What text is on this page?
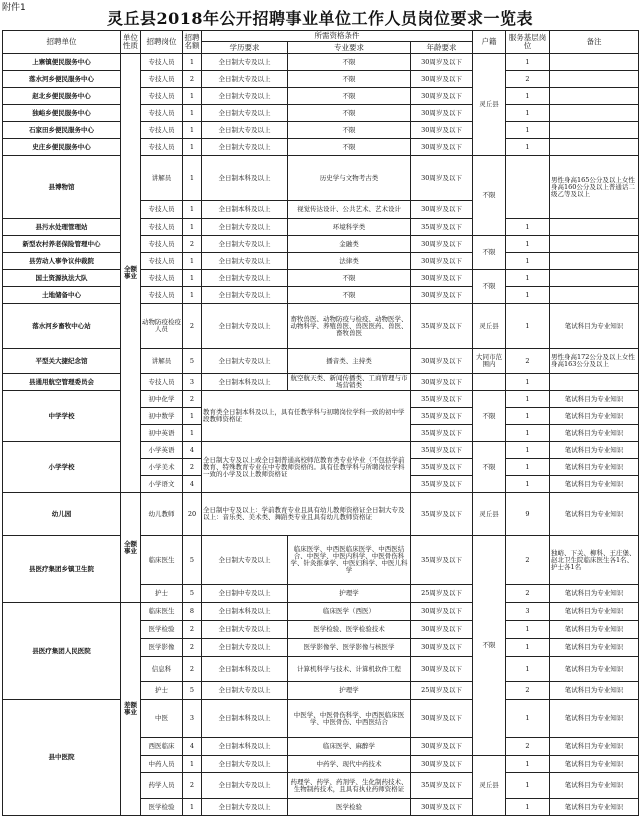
附件1
灵丘县2018年公开招聘事业单位工作人员岗位要求一览表
招聘单位	单位性质	招聘岗位	招聘名额	所需资格条件			户籍	服务基层岗位	备注
				学历要求	专业要求	年龄要求			
上寨镇便民服务中心	全额事业	专技人员	1	全日制大专及以上	不限	30周岁及以下	灵丘县	1	
落水河乡便民服务中心		专技人员	2	全日制大专及以上	不限	30周岁及以下		2	
赵北乡便民服务中心		专技人员	1	全日制大专及以上	不限	30周岁及以下		1	
独峪乡便民服务中心		专技人员	1	全日制大专及以上	不限	30周岁及以下		1	
石家田乡便民服务中心		专技人员	1	全日制大专及以上	不限	30周岁及以下		1	
史庄乡便民服务中心		专技人员	1	全日制大专及以上	不限	30周岁及以下		1	
县博物馆		讲解员	1	全日制本科及以上	历史学与文物考古类	30周岁及以下	不限		男性身高165公分及以上女性身高160公分及以上普通话二级乙等及以上
		专技人员	1	全日制本科及以上	视觉传达设计、公共艺术、艺术设计	30周岁及以下			
县污水处理管理站		专技人员	1	全日制大专及以上	环境科学类	35周岁及以下		1	
新型农村养老保险管理中心		专技人员	2	全日制大专及以上	金融类	30周岁及以下	不限	1	
县劳动人事争议仲裁院		专技人员	1	全日制大专及以上	法律类	30周岁及以下		1	
国土资源执法大队		专技人员	1	全日制大专及以上	不限	30周岁及以下	不限	1	
土地储备中心		专技人员	1	全日制大专及以上	不限	30周岁及以下		1	
落水河乡畜牧中心站		动物防疫检疫人员	2	全日制大专及以上	畜牧兽医、动物防疫与检疫、动物医学、动物科学、养殖兽医、兽医医药、兽医、畜牧兽医	35周岁及以下	灵丘县	1	笔试科目为专业知识
平型关大捷纪念馆		讲解员	5	全日制大专及以上	播音类、主持类	30周岁及以下	大同市范围内	2	男性身高172公分及以上女性身高163公分及以上
县通用航空管理委员会		专技人员	3	全日制本科及以上	航空航天类、新闻传播类、工商管理与市场营销类	30周岁及以下		1	
中学学校		初中化学	2	教育类全日制本科及以上，具有任教学科与初聘岗位学科一致的初中学段教师资格证		35周岁及以下	不限	1	笔试科目为专业知识
		初中数学	1			35周岁及以下		1	笔试科目为专业知识
		初中英语	1			35周岁及以下		1	笔试科目为专业知识
小学学校		小学英语	4	全日制大专及以上或全日制普通高校师范教育类专业毕业（不包括学前教育、特殊教育专业在中专教师资格的。具有任教学科与所聘岗位学科一致的小学及以上教师资格证		35周岁及以下	不限	1	笔试科目为专业知识
		小学美术	2			35周岁及以下		1	笔试科目为专业知识
		小学语文	4			35周岁及以下		1	笔试科目为专业知识
幼儿园	全额事业	幼儿教师	20	全日制中专及以上：学前教育专业且具有幼儿教师资格证全日制大专及以上：音乐类、美术类、舞蹈类专业且具有幼儿教师资格证		35周岁及以下	灵丘县	9	笔试科目为专业知识
县医疗集团乡镇卫生院		临床医生	5	全日制大专及以上	临床医学、中西医临床医学、中西医结合、中医学、中医内科学、中医骨伤科学、针灸推拿学、中医妇科学、中医儿科学	35周岁及以下	不限	2	独峪、下关、柳科、王庄堡、赵北卫生院临床医生各1名、护士各1名
		护士	5	全日制中专及以上	护理学	25周岁及以下		2	笔试科目为专业知识
县医疗集团人民医院	差额事业	临床医生	8	全日制本科及以上	临床医学（西医）	30周岁及以下		3	笔试科目为专业知识
		医学检验	2	全日制大专及以上	医学检验、医学检验技术	30周岁及以下		1	笔试科目为专业知识
		医学影像	2	全日制大专及以上	医学影像学、医学影像与核医学	30周岁及以下		1	笔试科目为专业知识
		信息科	2	全日制本科及以上	计算机科学与技术、计算机软件工程	30周岁及以下		1	笔试科目为专业知识
		护士	5	全日制大专及以上	护理学	25周岁及以下		2	笔试科目为专业知识
县中医院		中医	3	全日制本科及以上	中医学、中医骨伤科学、中西医临床医学、中医骨伤、中西医结合	30周岁及以下		1	笔试科目为专业知识
		西医临床	4	全日制本科及以上	临床医学、麻醉学	30周岁及以下		2	笔试科目为专业知识
		中药人员	1	全日制大专及以上	中药学、现代中药技术	30周岁及以下	灵丘县	1	笔试科目为专业知识
		药学人员	2	全日制大专及以上	药理学、药学、药剂学、生化制药技术、生物制药技术，且具有执业药师资格证	35周岁及以下		1	笔试科目为专业知识
		医学检验	1	全日制大专及以上	医学检验	30周岁及以下		1	笔试科目为专业知识
